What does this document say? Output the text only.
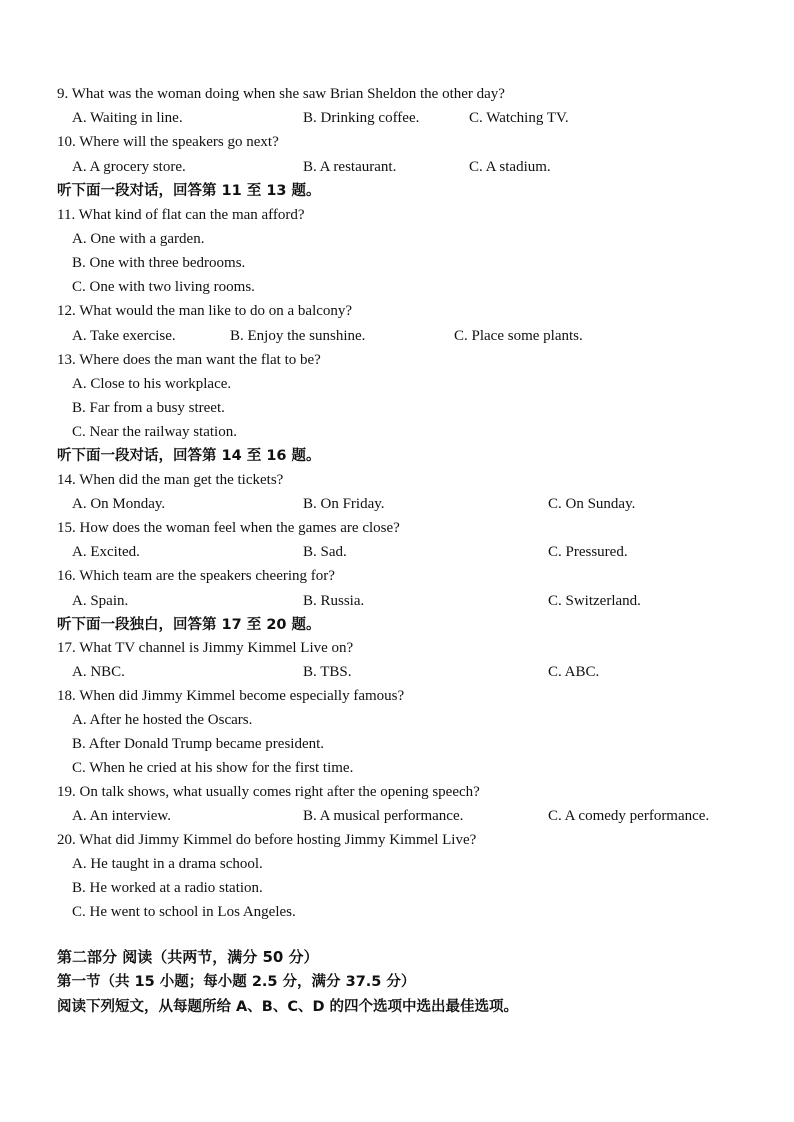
9. What was the woman doing when she saw Brian Sheldon the other day?
A. Waiting in line.	B. Drinking coffee.	C. Watching TV.
10. Where will the speakers go next?
A. A grocery store.	B. A restaurant.	C. A stadium.
听下面一段对话，回答第 11 至 13 题。
11. What kind of flat can the man afford?
A. One with a garden.
B. One with three bedrooms.
C. One with two living rooms.
12. What would the man like to do on a balcony?
A. Take exercise.	B. Enjoy the sunshine.	C. Place some plants.
13. Where does the man want the flat to be?
A. Close to his workplace.
B. Far from a busy street.
C. Near the railway station.
听下面一段对话，回答第 14 至 16 题。
14. When did the man get the tickets?
A. On Monday.	B. On Friday.	C. On Sunday.
15. How does the woman feel when the games are close?
A. Excited.	B. Sad.	C. Pressured.
16. Which team are the speakers cheering for?
A. Spain.	B. Russia.	C. Switzerland.
听下面一段独白，回答第 17 至 20 题。
17. What TV channel is Jimmy Kimmel Live on?
A. NBC.	B. TBS.	C. ABC.
18. When did Jimmy Kimmel become especially famous?
A. After he hosted the Oscars.
B. After Donald Trump became president.
C. When he cried at his show for the first time.
19. On talk shows, what usually comes right after the opening speech?
A. An interview.	B. A musical performance.	C. A comedy performance.
20. What did Jimmy Kimmel do before hosting Jimmy Kimmel Live?
A. He taught in a drama school.
B. He worked at a radio station.
C. He went to school in Los Angeles.
第二部分 阅读（共两节，满分 50 分）
第一节（共 15 小题；每小题 2.5 分，满分 37.5 分）
阅读下列短文，从每题所给 A、B、C、D 的四个选项中选出最佳选项。
